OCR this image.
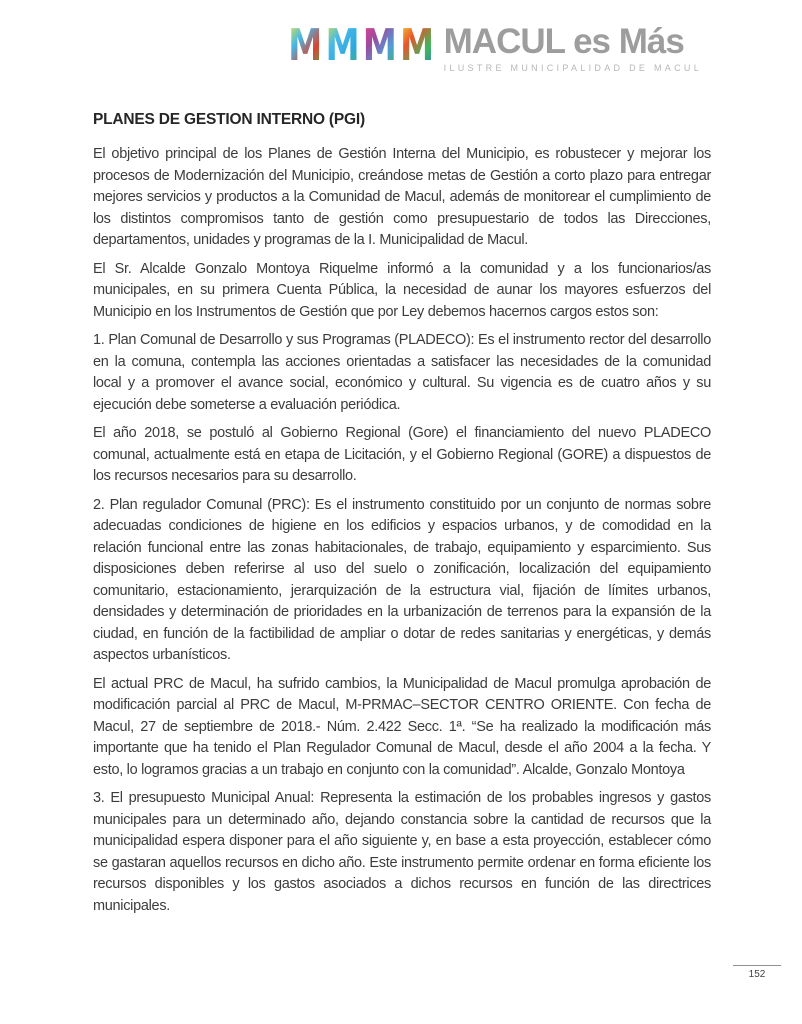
M M M M MACUL es Más
ILUSTRE MUNICIPALIDAD DE MACUL
PLANES DE GESTION INTERNO (PGI)

El objetivo principal de los Planes de Gestión Interna del Municipio, es robustecer y mejorar los procesos de Modernización del Municipio, creándose metas de Gestión a corto plazo para entregar mejores servicios y productos a la Comunidad de Macul, además de monitorear el cumplimiento de los distintos compromisos tanto de gestión como presupuestario de todos las Direcciones, departamentos, unidades y programas de la I. Municipalidad de Macul.

El Sr. Alcalde Gonzalo Montoya Riquelme informó a la comunidad y a los funcionarios/as municipales, en su primera Cuenta Pública, la necesidad de aunar los mayores esfuerzos del Municipio en los Instrumentos de Gestión que por Ley debemos hacernos cargos estos son:

1. Plan Comunal de Desarrollo y sus Programas (PLADECO): Es el instrumento rector del desarrollo en la comuna, contempla las acciones orientadas a satisfacer las necesidades de la comunidad local y a promover el avance social, económico y cultural. Su vigencia es de cuatro años y su ejecución debe someterse a evaluación periódica.

El año 2018, se postuló al Gobierno Regional (Gore) el financiamiento del nuevo PLADECO comunal, actualmente está en etapa de Licitación, y el Gobierno Regional (GORE) a dispuestos de los recursos necesarios para su desarrollo.

2. Plan regulador Comunal (PRC): Es el instrumento constituido por un conjunto de normas sobre adecuadas condiciones de higiene en los edificios y espacios urbanos, y de comodidad en la relación funcional entre las zonas habitacionales, de trabajo, equipamiento y esparcimiento. Sus disposiciones deben referirse al uso del suelo o zonificación, localización del equipamiento comunitario, estacionamiento, jerarquización de la estructura vial, fijación de límites urbanos, densidades y determinación de prioridades en la urbanización de terrenos para la expansión de la ciudad, en función de la factibilidad de ampliar o dotar de redes sanitarias y energéticas, y demás aspectos urbanísticos.

El actual PRC de Macul, ha sufrido cambios, la Municipalidad de Macul promulga aprobación de modificación parcial al PRC de Macul, M-PRMAC–SECTOR CENTRO ORIENTE. Con fecha de Macul, 27 de septiembre de 2018.- Núm. 2.422 Secc. 1ª. “Se ha realizado la modificación más importante que ha tenido el Plan Regulador Comunal de Macul, desde el año 2004 a la fecha. Y esto, lo logramos gracias a un trabajo en conjunto con la comunidad”. Alcalde, Gonzalo Montoya

3. El presupuesto Municipal Anual: Representa la estimación de los probables ingresos y gastos municipales para un determinado año, dejando constancia sobre la cantidad de recursos que la municipalidad espera disponer para el año siguiente y, en base a esta proyección, establecer cómo se gastaran aquellos recursos en dicho año. Este instrumento permite ordenar en forma eficiente los recursos disponibles y los gastos asociados a dichos recursos en función de las directrices municipales.

152
